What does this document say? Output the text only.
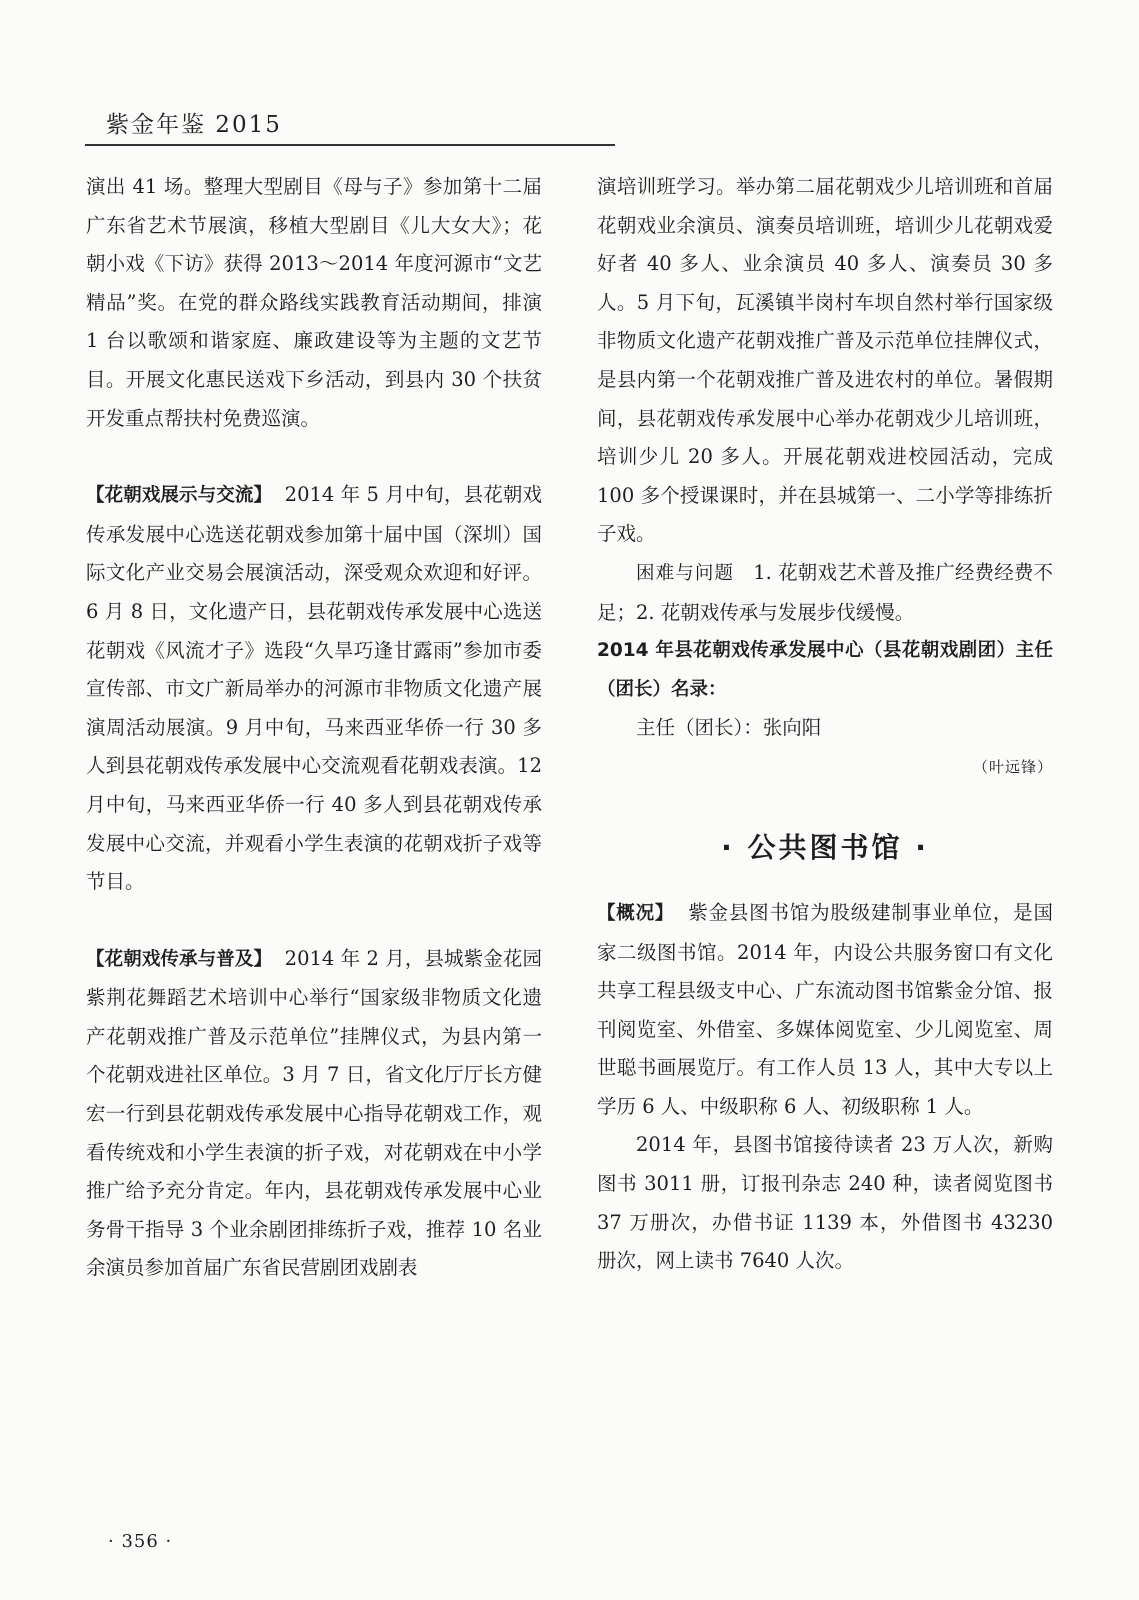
紫金年鉴 2015

演出 41 场。整理大型剧目《母与子》参加第十二届广东省艺术节展演，移植大型剧目《儿大女大》；花朝小戏《下访》获得 2013～2014 年度河源市“文艺精品”奖。在党的群众路线实践教育活动期间，排演 1 台以歌颂和谐家庭、廉政建设等为主题的文艺节目。开展文化惠民送戏下乡活动，到县内 30 个扶贫开发重点帮扶村免费巡演。

【花朝戏展示与交流】 2014 年 5 月中旬，县花朝戏传承发展中心选送花朝戏参加第十届中国（深圳）国际文化产业交易会展演活动，深受观众欢迎和好评。6 月 8 日，文化遗产日，县花朝戏传承发展中心选送花朝戏《风流才子》选段“久旱巧逢甘露雨”参加市委宣传部、市文广新局举办的河源市非物质文化遗产展演周活动展演。9 月中旬，马来西亚华侨一行 30 多人到县花朝戏传承发展中心交流观看花朝戏表演。12 月中旬，马来西亚华侨一行 40 多人到县花朝戏传承发展中心交流，并观看小学生表演的花朝戏折子戏等节目。

【花朝戏传承与普及】 2014 年 2 月，县城紫金花园紫荆花舞蹈艺术培训中心举行“国家级非物质文化遗产花朝戏推广普及示范单位”挂牌仪式，为县内第一个花朝戏进社区单位。3 月 7 日，省文化厅厅长方健宏一行到县花朝戏传承发展中心指导花朝戏工作，观看传统戏和小学生表演的折子戏，对花朝戏在中小学推广给予充分肯定。年内，县花朝戏传承发展中心业务骨干指导 3 个业余剧团排练折子戏，推荐 10 名业余演员参加首届广东省民营剧团戏剧表

演培训班学习。举办第二届花朝戏少儿培训班和首届花朝戏业余演员、演奏员培训班，培训少儿花朝戏爱好者 40 多人、业余演员 40 多人、演奏员 30 多人。5 月下旬，瓦溪镇半岗村车坝自然村举行国家级非物质文化遗产花朝戏推广普及示范单位挂牌仪式，是县内第一个花朝戏推广普及进农村的单位。暑假期间，县花朝戏传承发展中心举办花朝戏少儿培训班，培训少儿 20 多人。开展花朝戏进校园活动，完成 100 多个授课课时，并在县城第一、二小学等排练折子戏。

困难与问题 1. 花朝戏艺术普及推广经费经费不足；2. 花朝戏传承与发展步伐缓慢。

2014 年县花朝戏传承发展中心（县花朝戏剧团）主任（团长）名录：

主任（团长）：张向阳

（叶远锋）

· 公共图书馆 ·

【概况】 紫金县图书馆为股级建制事业单位，是国家二级图书馆。2014 年，内设公共服务窗口有文化共享工程县级支中心、广东流动图书馆紫金分馆、报刊阅览室、外借室、多媒体阅览室、少儿阅览室、周世聪书画展览厅。有工作人员 13 人，其中大专以上学历 6 人、中级职称 6 人、初级职称 1 人。

2014 年，县图书馆接待读者 23 万人次，新购图书 3011 册，订报刊杂志 240 种，读者阅览图书 37 万册次，办借书证 1139 本，外借图书 43230 册次，网上读书 7640 人次。

· 356 ·
